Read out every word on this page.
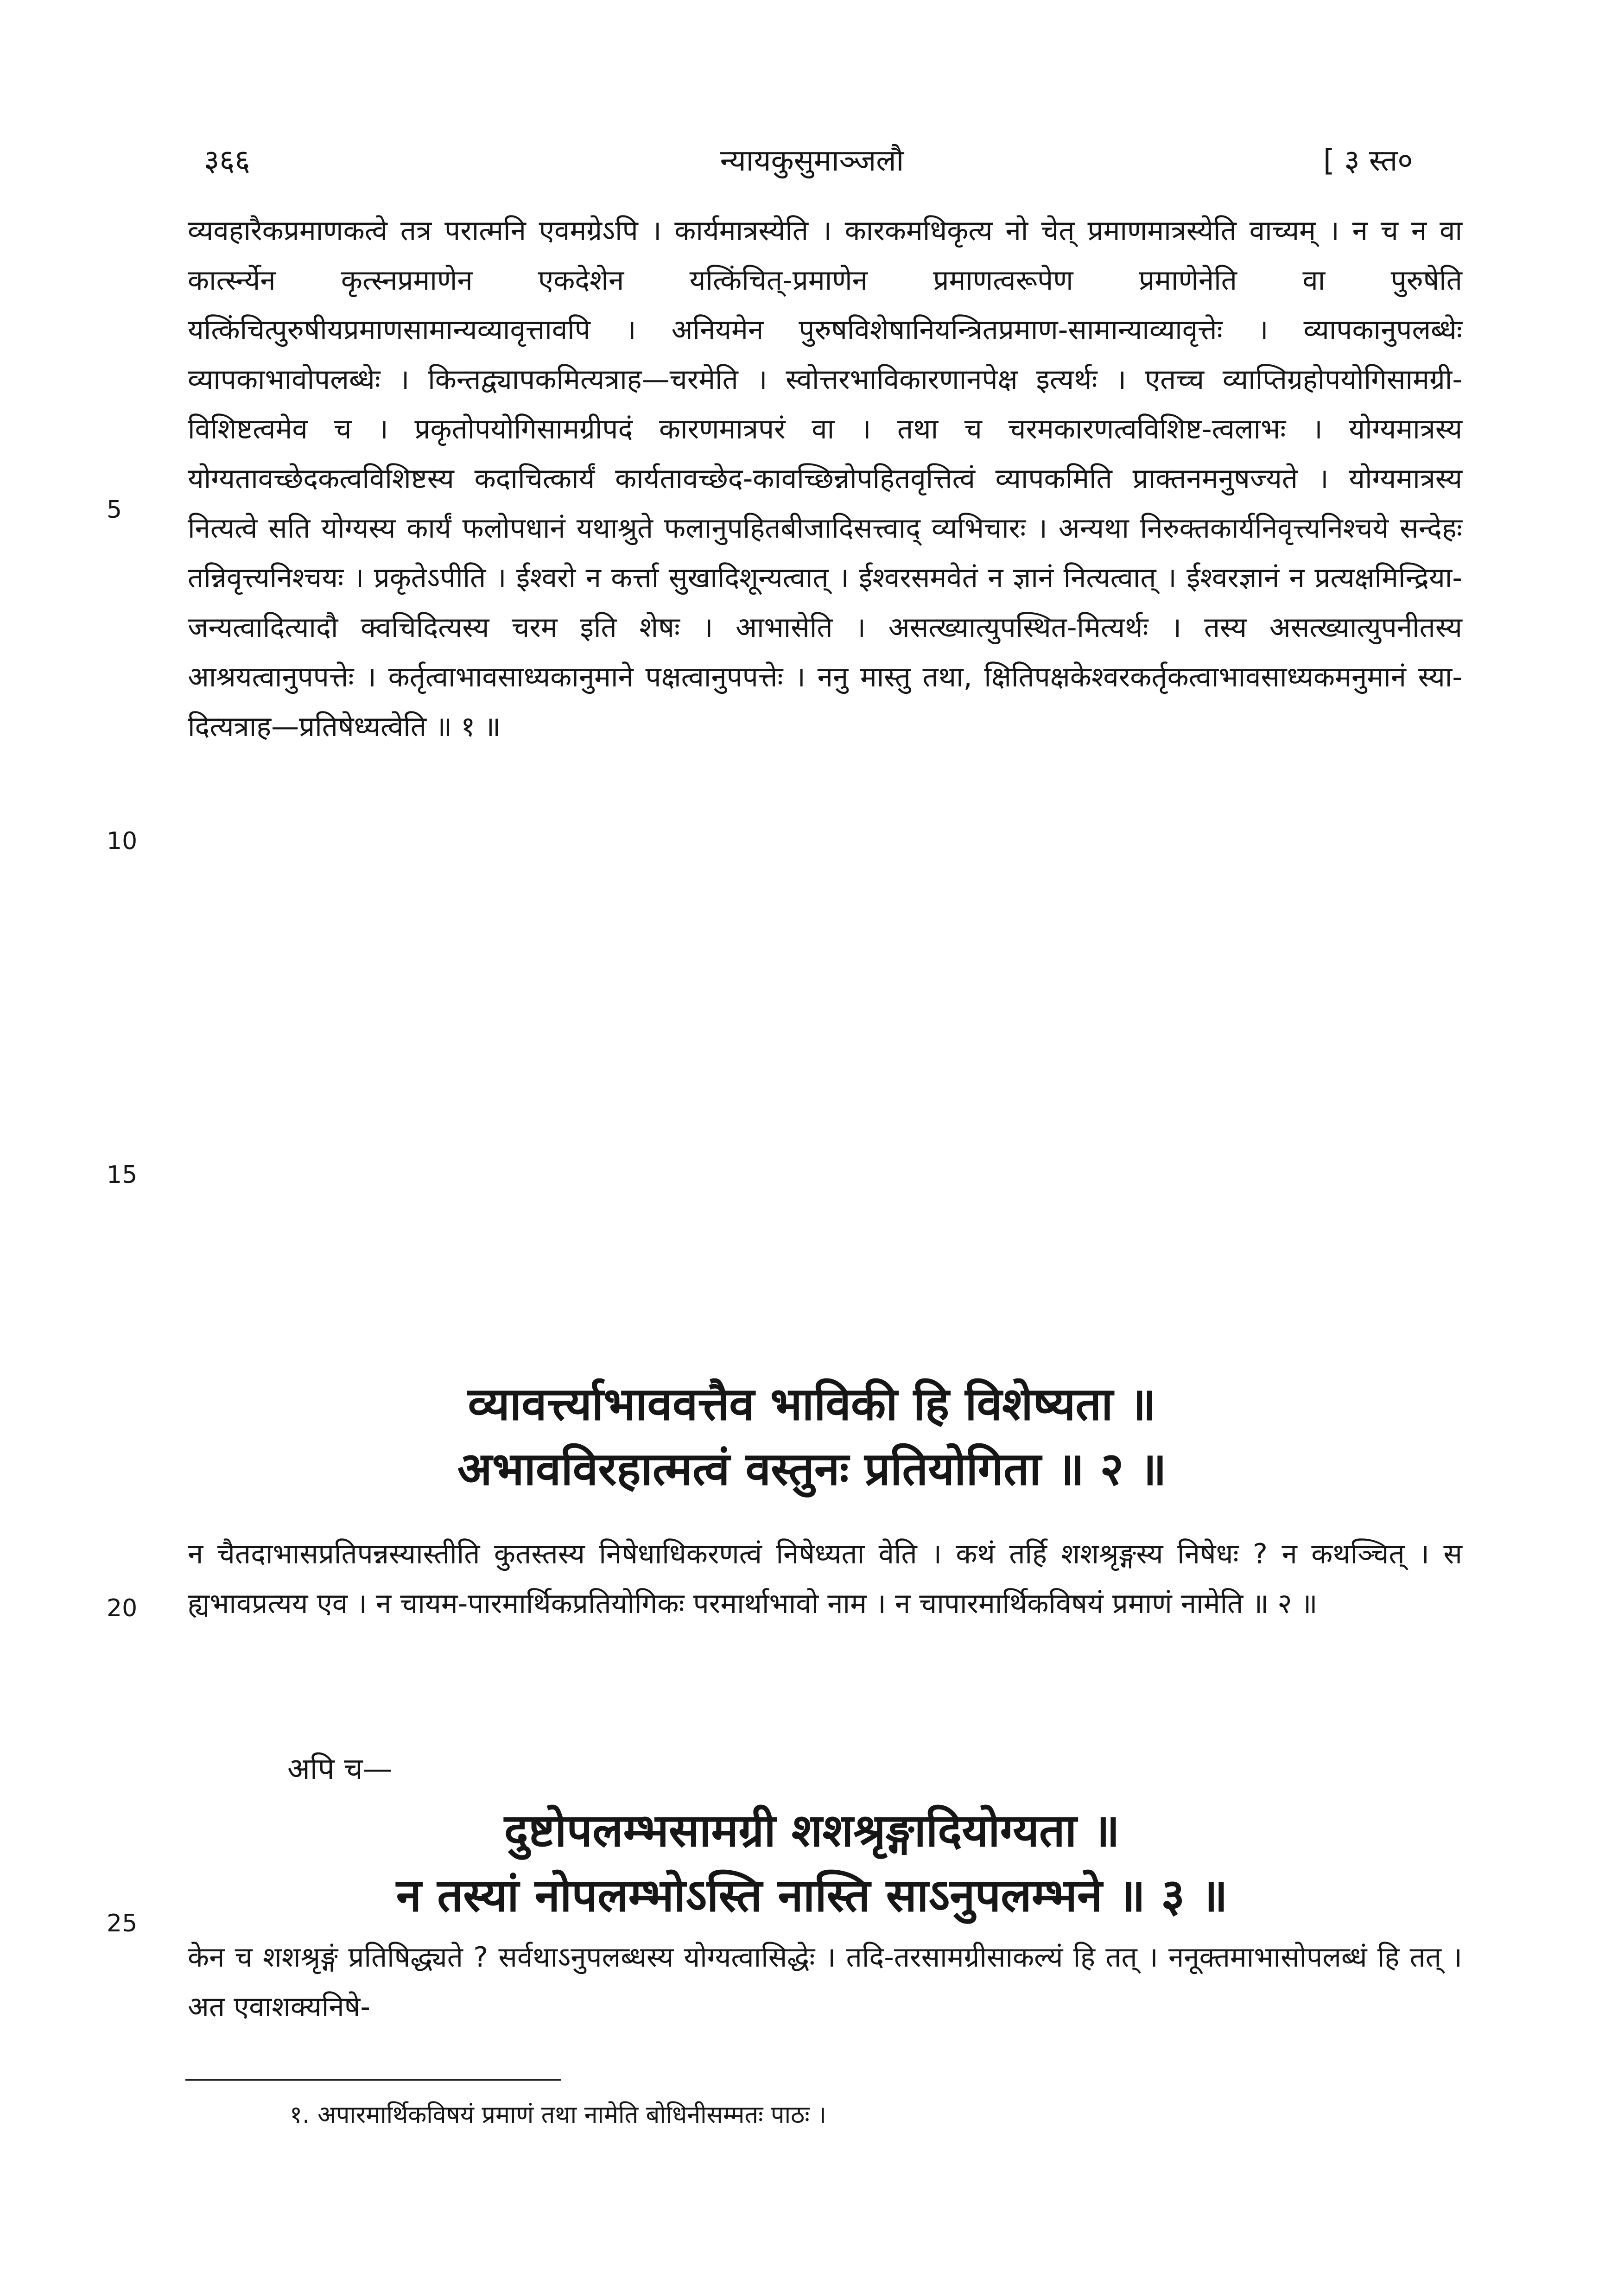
३६६	न्यायकुसुमाञ्जलौ	[ ३ स्त०

व्यवहारैकप्रमाणकत्वे तत्र परात्मनि एवमग्रेऽपि । कार्यमात्रस्येति । कारकमधिकृत्य नो चेत् प्रमाणमात्रस्येति वाच्यम् । न च न वा कार्त्स्न्येन कृत्स्नप्रमाणेन एकदेशेन यत्किंचित्-प्रमाणेन प्रमाणत्वरूपेण प्रमाणेनेति वा पुरुषेति यत्किंचित्पुरुषीयप्रमाणसामान्यव्यावृत्तावपि । अनियमेन पुरुषविशेषानियन्त्रितप्रमाण-सामान्याव्यावृत्तेः । व्यापकानुपलब्धेः व्यापकाभावोपलब्धेः । किन्तद्व्यापकमित्यत्राह—चरमेति । स्वोत्तरभाविकारणानपेक्ष इत्यर्थः । एतच्च व्याप्तिग्रहोपयोगिसामग्री-विशिष्टत्वमेव च । प्रकृतोपयोगिसामग्रीपदं कारणमात्रपरं वा । तथा च चरमकारणत्वविशिष्ट-त्वलाभः । योग्यमात्रस्य योग्यतावच्छेदकत्वविशिष्टस्य कदाचित्कार्यं कार्यतावच्छेद-कावच्छिन्नोपहितवृत्तित्वं व्यापकमिति प्राक्तनमनुषज्यते । योग्यमात्रस्य नित्यत्वे सति योग्यस्य कार्यं फलोपधानं यथाश्रुते फलानुपहितबीजादिसत्त्वाद् व्यभिचारः । अन्यथा निरुक्तकार्यनिवृत्त्यनिश्चये सन्देहः तन्निवृत्त्यनिश्चयः । प्रकृतेऽपीति । ईश्वरो न कर्त्ता सुखादिशून्यत्वात् । ईश्वरसमवेतं न ज्ञानं नित्यत्वात् । ईश्वरज्ञानं न प्रत्यक्षमिन्द्रिया-जन्यत्वादित्यादौ क्वचिदित्यस्य चरम इति शेषः । आभासेति । असत्ख्यात्युपस्थित-मित्यर्थः । तस्य असत्ख्यात्युपनीतस्य आश्रयत्वानुपपत्तेः । कर्तृत्वाभावसाध्यकानुमाने पक्षत्वानुपपत्तेः । ननु मास्तु तथा, क्षितिपक्षकेश्वरकर्तृकत्वाभावसाध्यकमनुमानं स्या-दित्यत्राह—प्रतिषेध्यत्वेति ॥ १ ॥

5
10
15
20
25
व्यावर्त्त्याभाववत्तैव भाविकी हि विशेष्यता ॥
अभावविरहात्मत्वं वस्तुनः प्रतियोगिता ॥ २ ॥
न चैतदाभासप्रतिपन्नस्यास्तीति कुतस्तस्य निषेधाधिकरणत्वं निषेध्यता वेति । कथं तर्हि शशश्रृङ्गस्य निषेधः ? न कथञ्चित् । स ह्यभावप्रत्यय एव । न चायम-पारमार्थिकप्रतियोगिकः परमार्थाभावो नाम । न चापारमार्थिकविषयं प्रमाणं नामेति ॥ २ ॥
अपि च—
दुष्टोपलम्भसामग्री शशश्रृङ्गादियोग्यता ॥
न तस्यां नोपलम्भोऽस्ति नास्ति साऽनुपलम्भने ॥ ३ ॥
केन च शशश्रृङ्गं प्रतिषिद्ध्यते ? सर्वथाऽनुपलब्धस्य योग्यत्वासिद्धेः । तदि-तरसामग्रीसाकल्यं हि तत् । ननूक्तमाभासोपलब्धं हि तत् । अत एवाशक्यनिषे-
१. अपारमार्थिकविषयं प्रमाणं तथा नामेति बोधिनीसम्मतः पाठः ।
